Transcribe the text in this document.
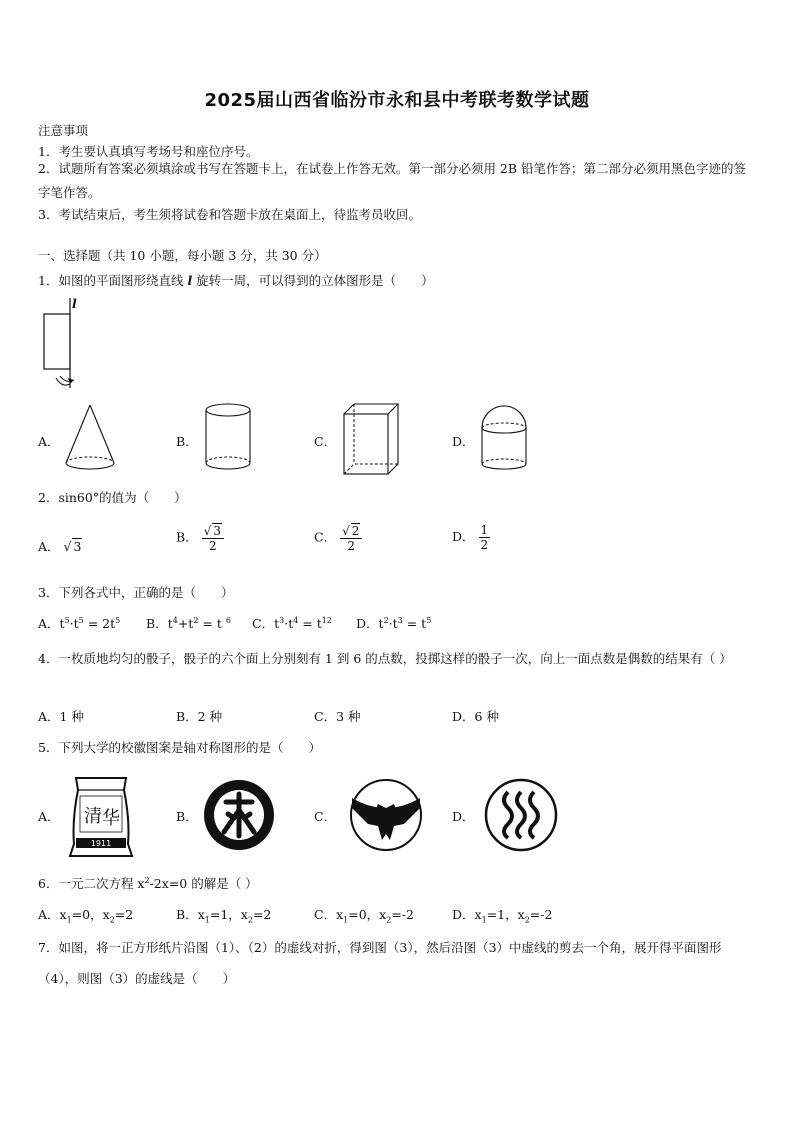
2025届山西省临汾市永和县中考联考数学试题
注意事项
1．考生要认真填写考场号和座位序号。
2．试题所有答案必须填涂或书写在答题卡上，在试卷上作答无效。第一部分必须用 2B 铅笔作答；第二部分必须用黑色字迹的签字笔作答。
3．考试结束后，考生须将试卷和答题卡放在桌面上，待监考员收回。
一、选择题（共 10 小题，每小题 3 分，共 30 分）
1．如图的平面图形绕直线 l 旋转一周，可以得到的立体图形是（　　）
l
A．	B．	C．	D．
2．sin60°的值为（　　）
A． √ 3
B． $\frac{√ 3}{2}$	C． $\frac{√ 2}{2}$	D． $\frac{1}{2}$
3．下列各式中，正确的是（　　）
A．$t^5\cdot t^5 = 2t^5$ B．$t^4+t^2 = t$ $^6$ C．$t^3\cdot t^4 = t^{12}$ D．$t^2\cdot t^3 = t^5$
4．一枚质地均匀的骰子，骰子的六个面上分别刻有 1 到 6 的点数，投掷这样的骰子一次，向上一面点数是偶数的结果有（ ）
A．1 种	B．2 种	C．3 种	D．6 种
5．下列大学的校徽图案是轴对称图形的是（　　）
A． 清 华
1911
B．	C．	D．
6．一元二次方程 $x^2-2x=0$ 的解是（ ）
A．$x_1=0$，$x_2=2$	B．$x_1=1$，$x_2=2$	C．$x_1=0$，$x_2=-2$	D．$x_1=1$，$x_2=-2$
7．如图，将一正方形纸片沿图（1）、（2）的虚线对折，得到图（3），然后沿图（3）中虚线的剪去一个角，展开得平面图形（4），则图（3）的虚线是（　　）
